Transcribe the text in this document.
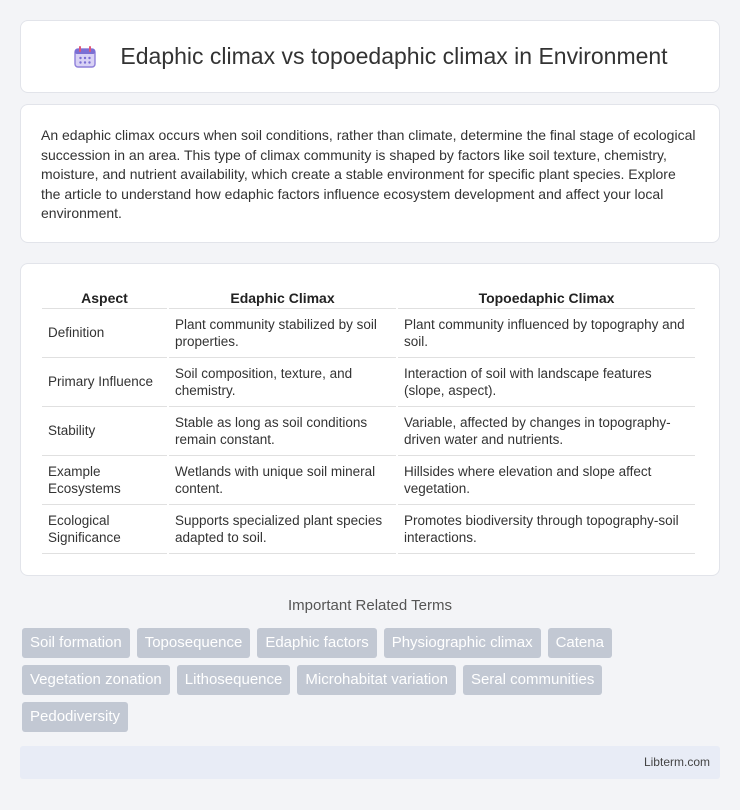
Edaphic climax vs topoedaphic climax in Environment

An edaphic climax occurs when soil conditions, rather than climate, determine the final stage of ecological succession in an area. This type of climax community is shaped by factors like soil texture, chemistry, moisture, and nutrient availability, which create a stable environment for specific plant species. Explore the article to understand how edaphic factors influence ecosystem development and affect your local environment.

Aspect	Edaphic Climax	Topoedaphic Climax
Definition	Plant community stabilized by soil properties.	Plant community influenced by topography and soil.
Primary Influence	Soil composition, texture, and chemistry.	Interaction of soil with landscape features (slope, aspect).
Stability	Stable as long as soil conditions remain constant.	Variable, affected by changes in topography-driven water and nutrients.
Example Ecosystems	Wetlands with unique soil mineral content.	Hillsides where elevation and slope affect vegetation.
Ecological Significance	Supports specialized plant species adapted to soil.	Promotes biodiversity through topography-soil interactions.
Important Related Terms
Soil formation	Toposequence	Edaphic factors	Physiographic climax	Catena
Vegetation zonation	Lithosequence	Microhabitat variation	Seral communities
Pedodiversity
Libterm.com
